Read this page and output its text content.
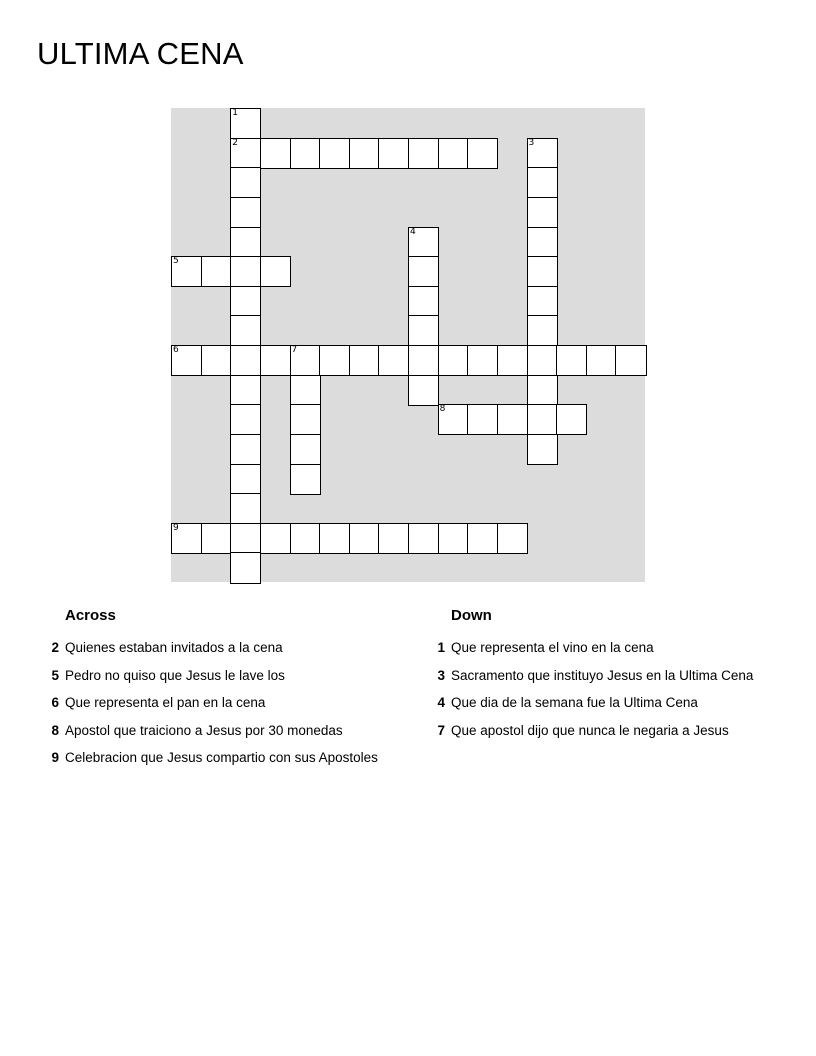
ULTIMA CENA
1
2	3
4
5
6	7
8
9
Across
2 Quienes estaban invitados a la cena
5 Pedro no quiso que Jesus le lave los
6 Que representa el pan en la cena
8 Apostol que traiciono a Jesus por 30 monedas
9 Celebracion que Jesus compartio con sus Apostoles
Down
1 Que representa el vino en la cena
3 Sacramento que instituyo Jesus en la Ultima Cena
4 Que dia de la semana fue la Ultima Cena
7 Que apostol dijo que nunca le negaria a Jesus
